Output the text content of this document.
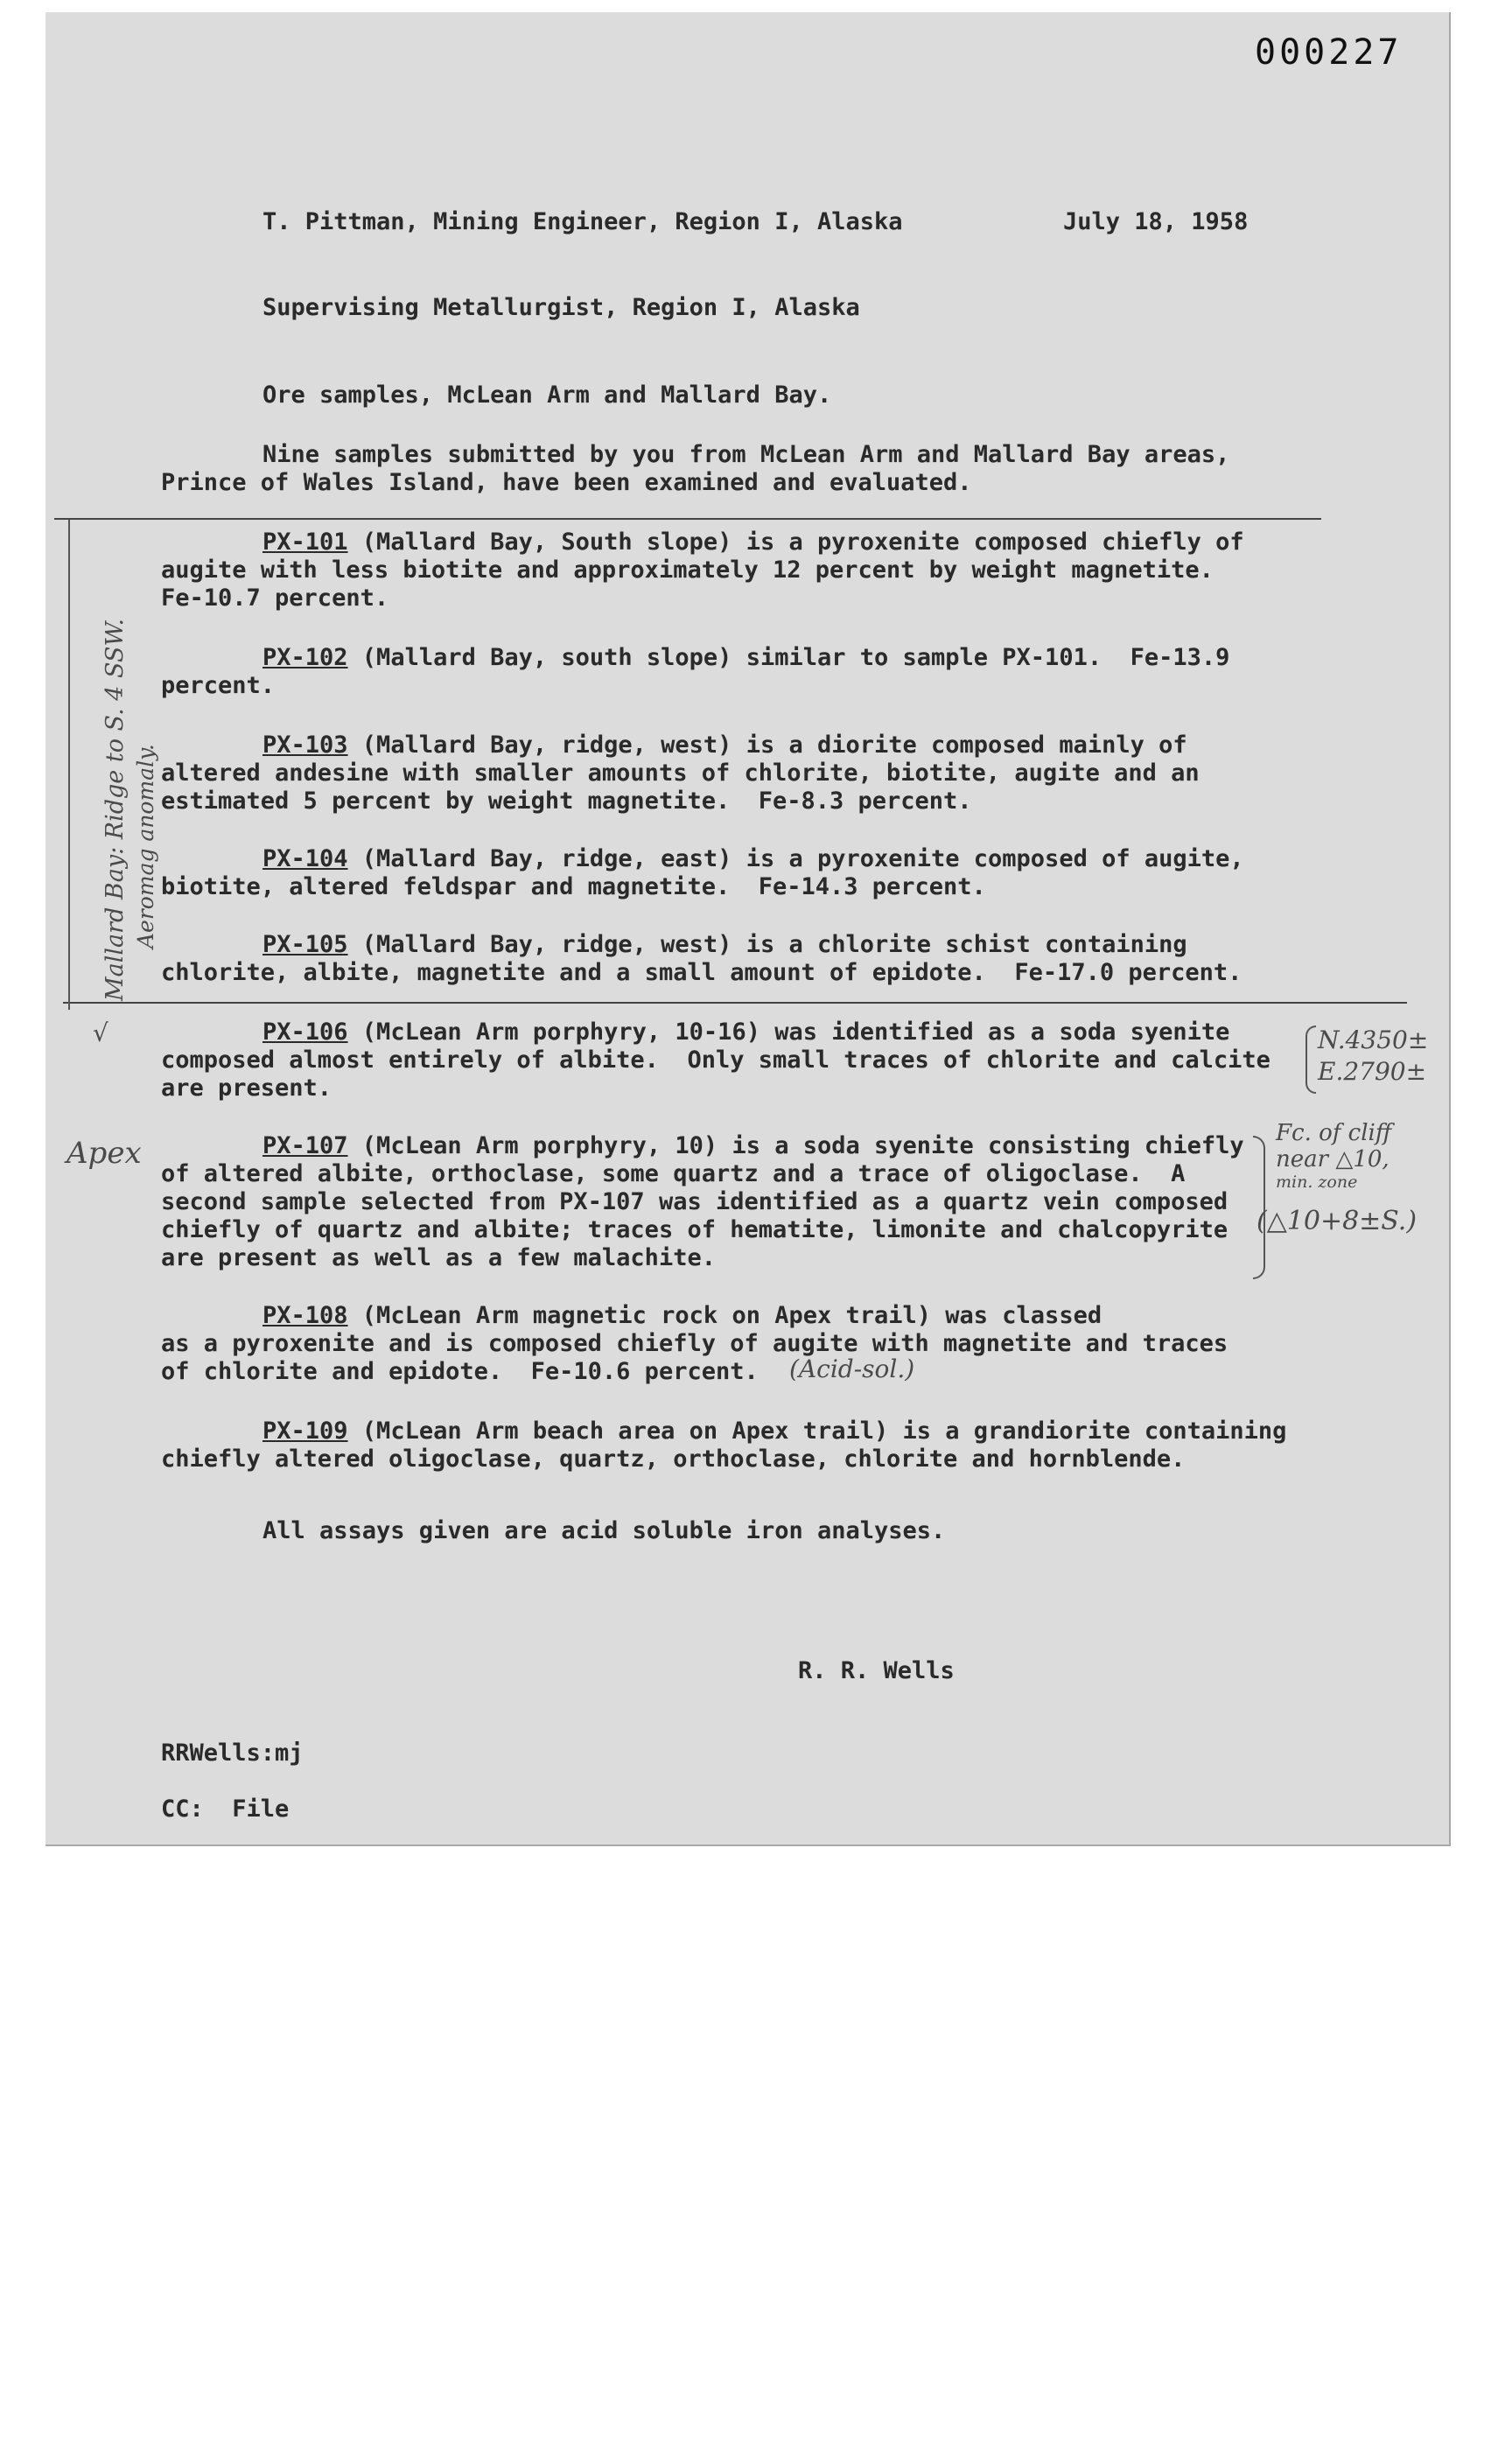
000227
T. Pittman, Mining Engineer, Region I, Alaska	July 18, 1958
Supervising Metallurgist, Region I, Alaska
Ore samples, McLean Arm and Mallard Bay.
Nine samples submitted by you from McLean Arm and Mallard Bay areas,
Prince of Wales Island, have been examined and evaluated.
PX-101 (Mallard Bay, South slope) is a pyroxenite composed chiefly of
augite with less biotite and approximately 12 percent by weight magnetite.
Fe-10.7 percent.
PX-102 (Mallard Bay, south slope) similar to sample PX-101.  Fe-13.9
percent.
PX-103 (Mallard Bay, ridge, west) is a diorite composed mainly of
altered andesine with smaller amounts of chlorite, biotite, augite and an
estimated 5 percent by weight magnetite.  Fe-8.3 percent.
PX-104 (Mallard Bay, ridge, east) is a pyroxenite composed of augite,
biotite, altered feldspar and magnetite.  Fe-14.3 percent.
PX-105 (Mallard Bay, ridge, west) is a chlorite schist containing
chlorite, albite, magnetite and a small amount of epidote.  Fe-17.0 percent.
PX-106 (McLean Arm porphyry, 10-16) was identified as a soda syenite
composed almost entirely of albite.  Only small traces of chlorite and calcite
are present.
PX-107 (McLean Arm porphyry, 10) is a soda syenite consisting chiefly
of altered albite, orthoclase, some quartz and a trace of oligoclase.  A
second sample selected from PX-107 was identified as a quartz vein composed
chiefly of quartz and albite; traces of hematite, limonite and chalcopyrite
are present as well as a few malachite.
PX-108 (McLean Arm magnetic rock on Apex trail) was classed
as a pyroxenite and is composed chiefly of augite with magnetite and traces
of chlorite and epidote.  Fe-10.6 percent.
PX-109 (McLean Arm beach area on Apex trail) is a grandiorite containing
chiefly altered oligoclase, quartz, orthoclase, chlorite and hornblende.
All assays given are acid soluble iron analyses.
R. R. Wells
RRWells:mj
CC:  File
Mallard Bay: Ridge to S. 4 SSW. Aeromag anomaly.
√
Apex
N.4350±
E.2790±
Fc. of cliff
near △10,
min. zone
(△10+8±S.)
(Acid-sol.)
